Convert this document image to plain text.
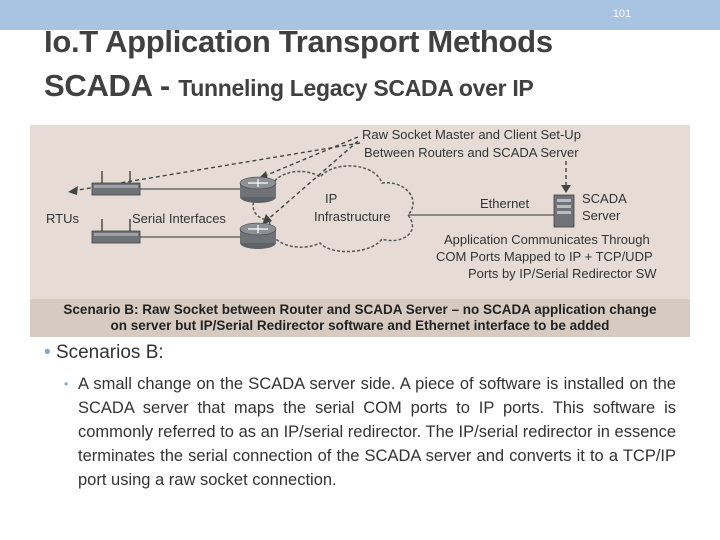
101
Io.T Application Transport Methods
SCADA - Tunneling Legacy SCADA over IP

Raw Socket Master and Client Set-Up
Between Routers and SCADA Server
RTUs	Serial Interfaces
IP
Infrastructure
Ethernet	SCADA
Server
Application Communicates Through
COM Ports Mapped to IP + TCP/UDP
Ports by IP/Serial Redirector SW
Scenario B: Raw Socket between Router and SCADA Server – no SCADA application change
on server but IP/Serial Redirector software and Ethernet interface to be added
• Scenarios B:
• A small change on the SCADA server side. A piece of software is installed on the SCADA server that maps the serial COM ports to IP ports. This software is commonly referred to as an IP/serial redirector. The IP/serial redirector in essence terminates the serial connection of the SCADA server and converts it to a TCP/IP port using a raw socket connection.
